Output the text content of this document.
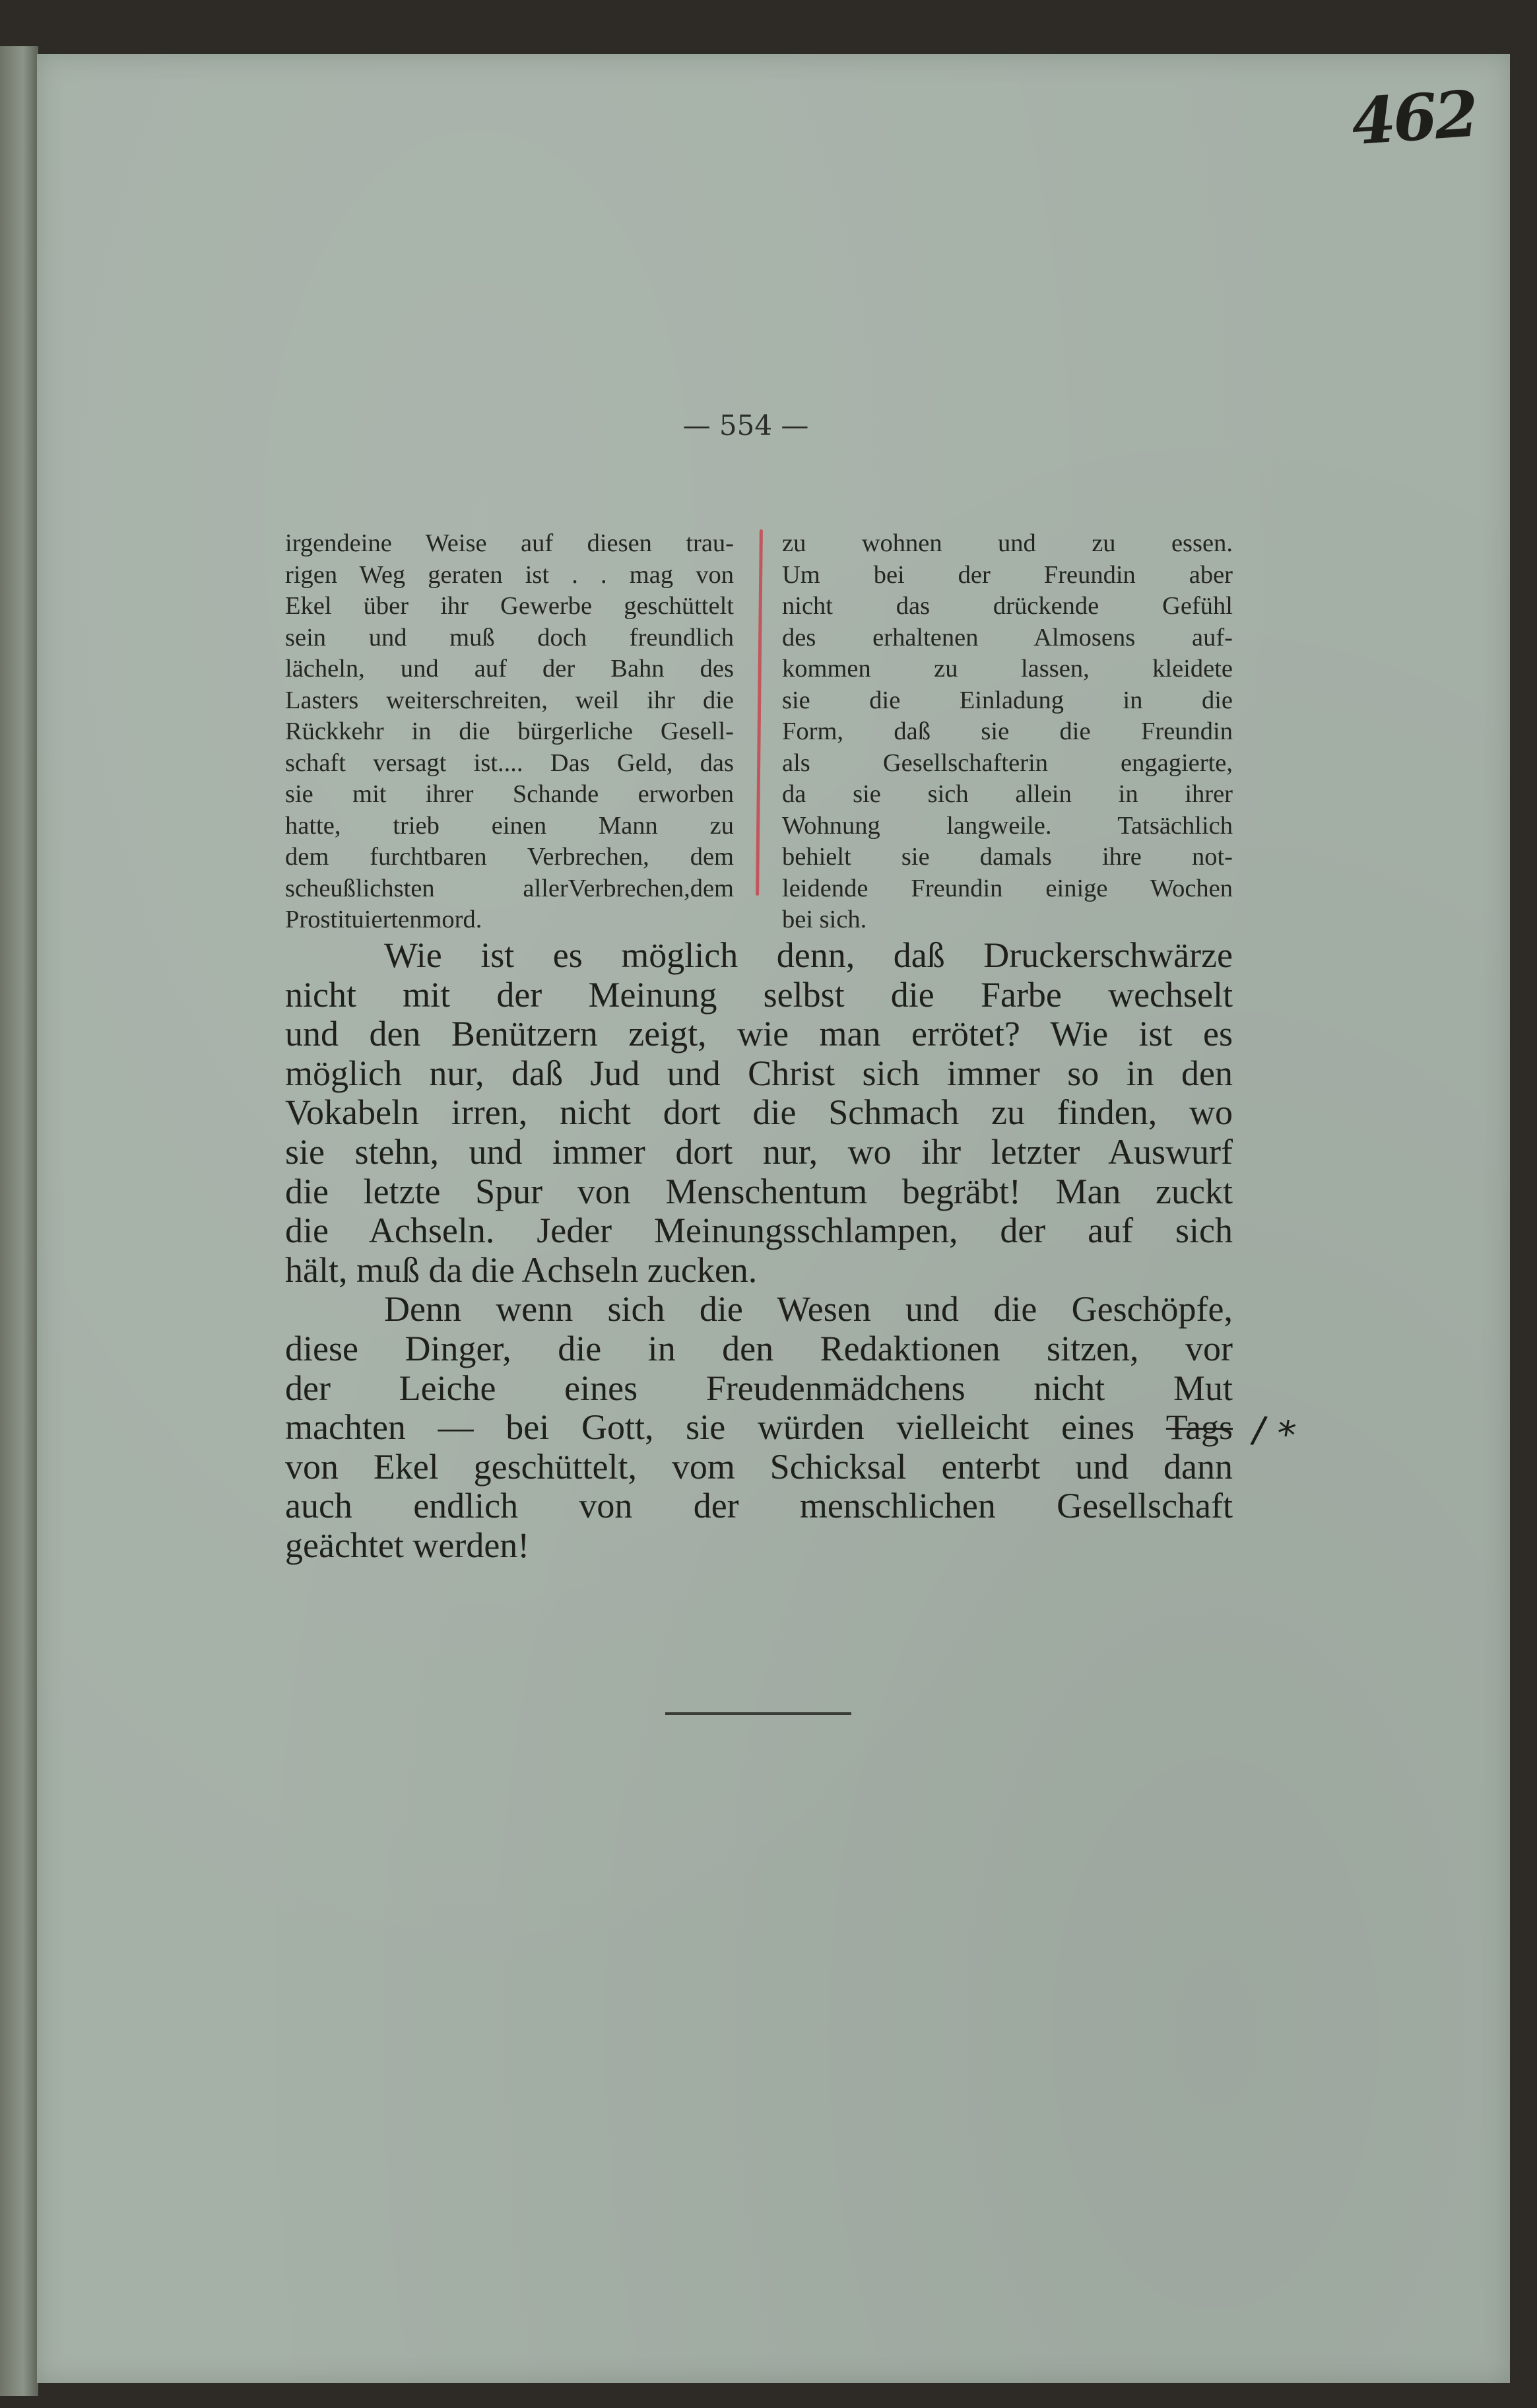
462
— 554 —
irgendeine Weise auf diesen trau-
rigen Weg geraten ist . . mag von
Ekel über ihr Gewerbe geschüttelt
sein und muß doch freundlich
lächeln, und auf der Bahn des
Lasters weiterschreiten, weil ihr die
Rückkehr in die bürgerliche Gesell-
schaft versagt ist.... Das Geld, das
sie mit ihrer Schande erworben
hatte, trieb einen Mann zu
dem furchtbaren Verbrechen, dem
scheußlichsten allerVerbrechen,dem
Prostituiertenmord.
zu wohnen und zu essen.
Um bei der Freundin aber
nicht das drückende Gefühl
des erhaltenen Almosens auf-
kommen zu lassen, kleidete
sie die Einladung in die
Form, daß sie die Freundin
als Gesellschafterin engagierte,
da sie sich allein in ihrer
Wohnung langweile. Tatsächlich
behielt sie damals ihre not-
leidende Freundin einige Wochen
bei sich.
Wie ist es möglich denn, daß Druckerschwärze
nicht mit der Meinung selbst die Farbe wechselt
und den Benützern zeigt, wie man errötet? Wie ist es
möglich nur, daß Jud und Christ sich immer so in den
Vokabeln irren, nicht dort die Schmach zu finden, wo
sie stehn, und immer dort nur, wo ihr letzter Auswurf
die letzte Spur von Menschentum begräbt! Man zuckt
die Achseln. Jeder Meinungsschlampen, der auf sich
hält, muß da die Achseln zucken.
Denn wenn sich die Wesen und die Geschöpfe,
diese Dinger, die in den Redaktionen sitzen, vor
der Leiche eines Freudenmädchens nicht Mut
machten — bei Gott, sie würden vielleicht eines Tags
von Ekel geschüttelt, vom Schicksal enterbt und dann
auch endlich von der menschlichen Gesellschaft
geächtet werden!
/ *
